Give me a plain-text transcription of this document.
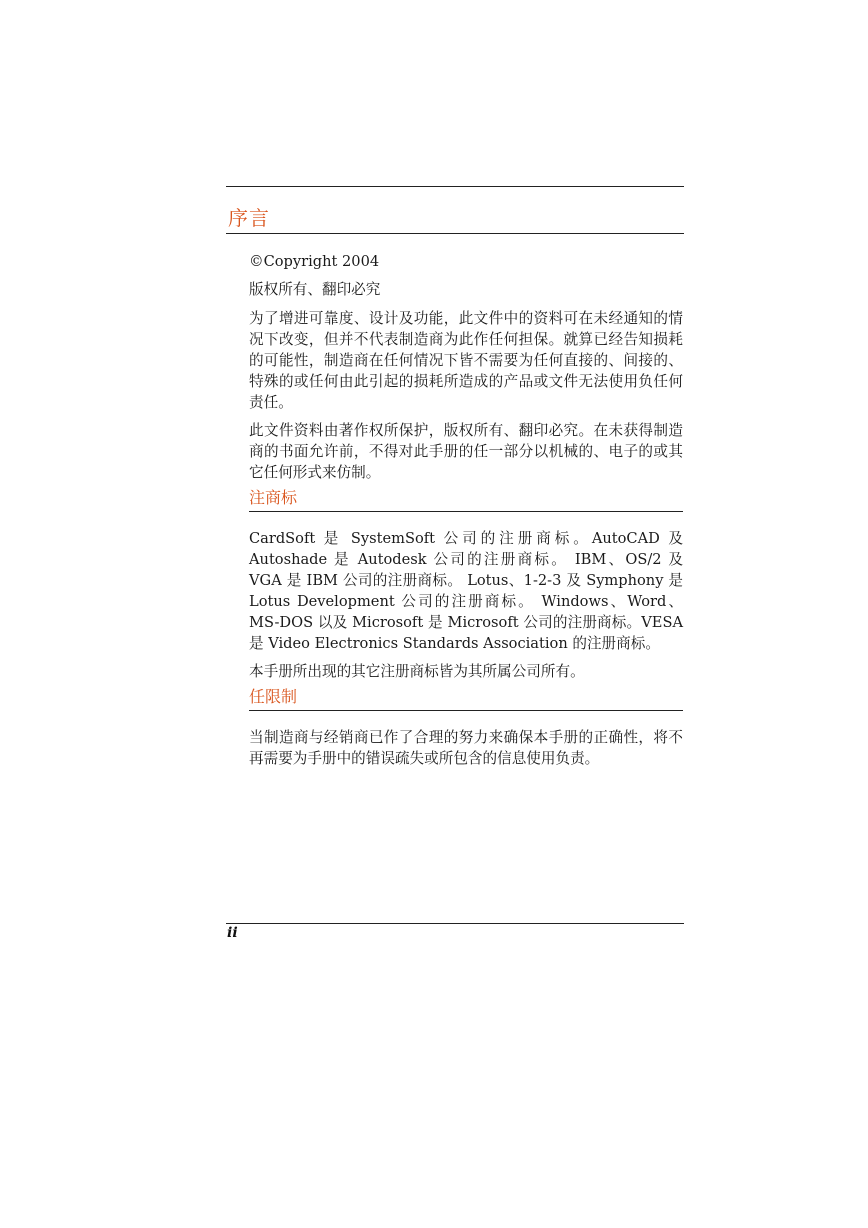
序言

©Copyright 2004

版权所有、翻印必究

为了增进可靠度、设计及功能，此文件中的资料可在未经通知的情况下改变，但并不代表制造商为此作任何担保。就算已经告知损耗的可能性，制造商在任何情况下皆不需要为任何直接的、间接的、特殊的或任何由此引起的损耗所造成的产品或文件无法使用负任何责任。

此文件资料由著作权所保护，版权所有、翻印必究。在未获得制造商的书面允许前，不得对此手册的任一部分以机械的、电子的或其它任何形式来仿制。

注商标

CardSoft 是 SystemSoft 公司的注册商标。AutoCAD 及 Autoshade 是 Autodesk 公司的注册商标。 IBM、OS/2 及 VGA 是 IBM 公司的注册商标。 Lotus、1-2-3 及 Symphony 是 Lotus Development 公司的注册商标。 Windows、Word、MS-DOS 以及 Microsoft 是 Microsoft 公司的注册商标。VESA 是 Video Electronics Standards Association 的注册商标。

本手册所出现的其它注册商标皆为其所属公司所有。

任限制

当制造商与经销商已作了合理的努力来确保本手册的正确性，将不再需要为手册中的错误疏失或所包含的信息使用负责。

ii
